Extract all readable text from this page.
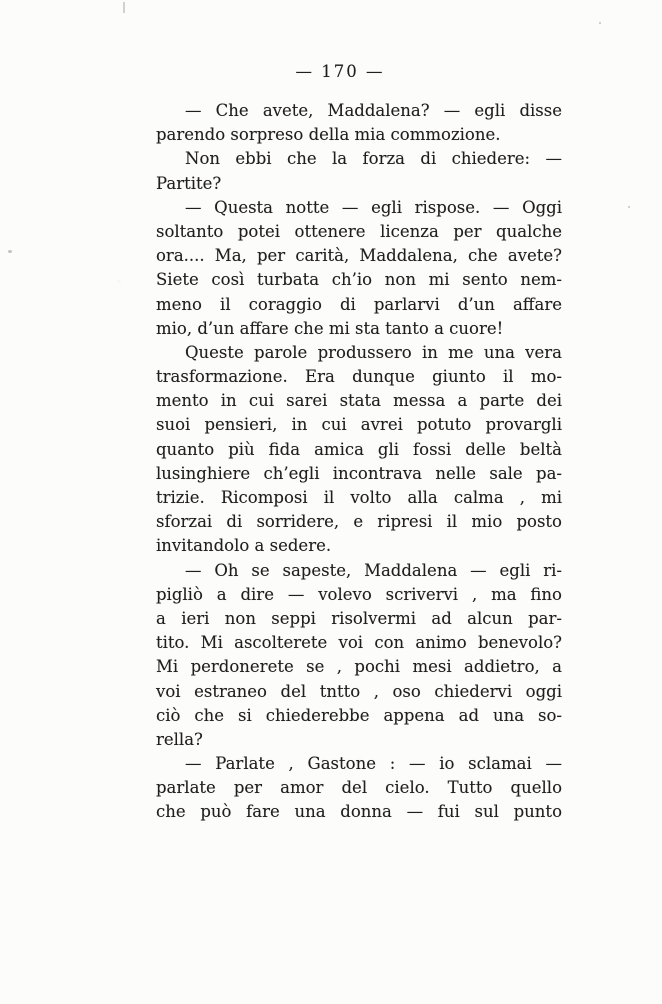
— 170 —
— Che avete, Maddalena? — egli disse
parendo sorpreso della mia commozione.
Non ebbi che la forza di chiedere: —
Partite?
— Questa notte — egli rispose. — Oggi
soltanto potei ottenere licenza per qualche
ora.... Ma, per carità, Maddalena, che avete?
Siete così turbata ch’io non mi sento nem-
meno il coraggio di parlarvi d’un affare
mio, d’un affare che mi sta tanto a cuore!
Queste parole produssero in me una vera
trasformazione. Era dunque giunto il mo-
mento in cui sarei stata messa a parte dei
suoi pensieri, in cui avrei potuto provargli
quanto più fida amica gli fossi delle beltà
lusinghiere ch’egli incontrava nelle sale pa-
trizie. Ricomposi il volto alla calma , mi
sforzai di sorridere, e ripresi il mio posto
invitandolo a sedere.
— Oh se sapeste, Maddalena — egli ri-
pigliò a dire — volevo scrivervi , ma fino
a ieri non seppi risolvermi ad alcun par-
tito. Mi ascolterete voi con animo benevolo?
Mi perdonerete se , pochi mesi addietro, a
voi estraneo del tntto , oso chiedervi oggi
ciò che si chiederebbe appena ad una so-
rella?
— Parlate , Gastone : — io sclamai —
parlate per amor del cielo. Tutto quello
che può fare una donna — fui sul punto
